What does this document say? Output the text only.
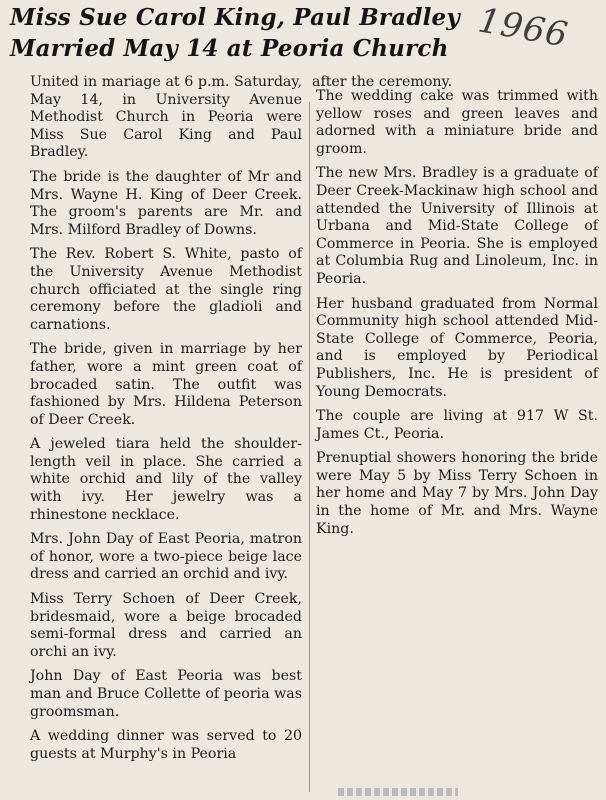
Miss Sue Carol King, Paul Bradley
Married May 14 at Peoria Church 1966

United in mariage at 6 p.m. Saturday, May 14, in University Avenue Methodist Church in Peoria were Miss Sue Carol King and Paul Bradley.

The bride is the daughter of Mr and Mrs. Wayne H. King of Deer Creek. The groom's parents are Mr. and Mrs. Milford Bradley of Downs.

The Rev. Robert S. White, pasto of the University Avenue Methodist church officiated at the single ring ceremony before the gladioli and carnations.

The bride, given in marriage by her father, wore a mint green coat of brocaded satin. The outfit was fashioned by Mrs. Hildena Peterson of Deer Creek.

A jeweled tiara held the shoulder-length veil in place. She carried a white orchid and lily of the valley with ivy. Her jewelry was a rhinestone necklace.

Mrs. John Day of East Peoria, matron of honor, wore a two-piece beige lace dress and carried an orchid and ivy.

Miss Terry Schoen of Deer Creek, bridesmaid, wore a beige brocaded semi-formal dress and carried an orchi an ivy.

John Day of East Peoria was best man and Bruce Collette of peoria was groomsman.

A wedding dinner was served to 20 guests at Murphy's in Peoria

after the ceremony.

The wedding cake was trimmed with yellow roses and green leaves and adorned with a miniature bride and groom.

The new Mrs. Bradley is a graduate of Deer Creek-Mackinaw high school and attended the University of Illinois at Urbana and Mid-State College of Commerce in Peoria. She is employed at Columbia Rug and Linoleum, Inc. in Peoria.

Her husband graduated from Normal Community high school attended Mid-State College of Commerce, Peoria, and is employed by Periodical Publishers, Inc. He is president of Young Democrats.

The couple are living at 917 W St. James Ct., Peoria.

Prenuptial showers honoring the bride were May 5 by Miss Terry Schoen in her home and May 7 by Mrs. John Day in the home of Mr. and Mrs. Wayne King.
